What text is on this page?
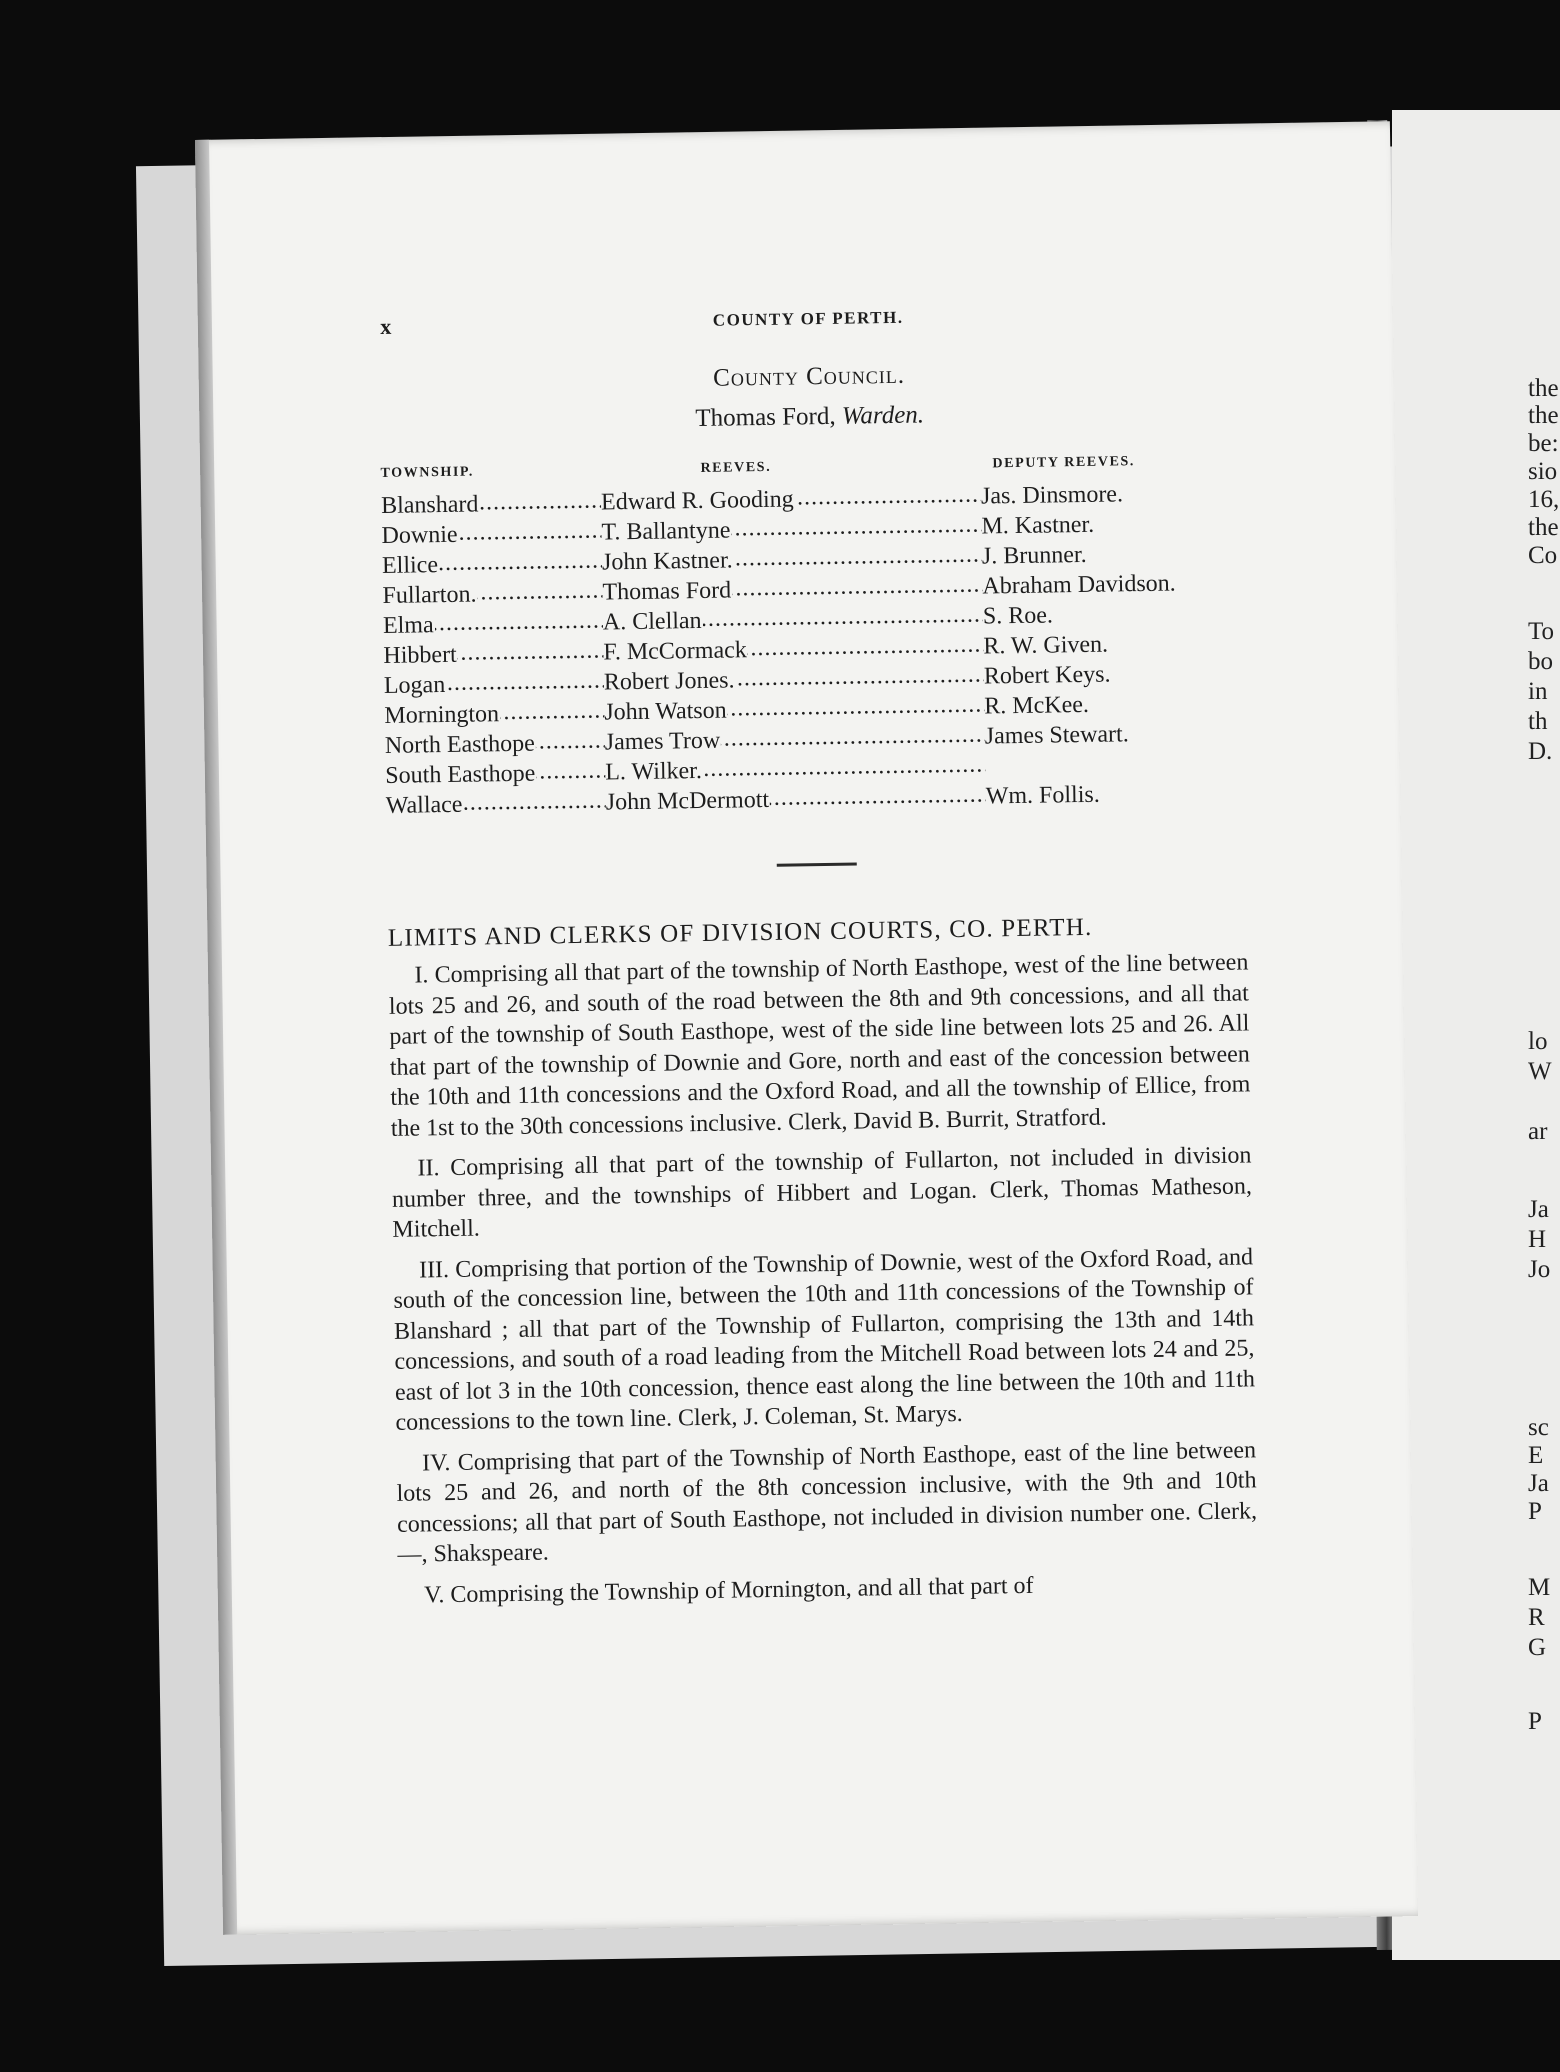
the
the
be:
sio
16,
the
Co
To
bo
in
th
D.
lo
W
ar
Ja
H
Jo
sc
E
Ja
P
M
R
G
P
x	COUNTY OF PERTH.
County Council.
Thomas Ford, Warden.
TOWNSHIP.	REEVES.	DEPUTY REEVES.
Blanshard .....	Edward R. Gooding .....	Jas. Dinsmore.
Downie .....	T. Ballantyne .....	M. Kastner.
Ellice .....	John Kastner. .....	J. Brunner.
Fullarton. .....	Thomas Ford .....	Abraham Davidson.
Elma .....	A. Clellan .....	S. Roe.
Hibbert .....	F. McCormack .....	R. W. Given.
Logan .....	Robert Jones. .....	Robert Keys.
Mornington .....	John Watson .....	R. McKee.
North Easthope .....	James Trow .....	James Stewart.
South Easthope .....	L. Wilker. .....	
Wallace .....	John McDermott .....	Wm. Follis.
LIMITS AND CLERKS OF DIVISION COURTS, CO. PERTH.

I. Comprising all that part of the township of North Easthope, west of the line between lots 25 and 26, and south of the road between the 8th and 9th concessions, and all that part of the township of South Easthope, west of the side line between lots 25 and 26. All that part of the township of Downie and Gore, north and east of the concession between the 10th and 11th concessions and the Oxford Road, and all the township of Ellice, from the 1st to the 30th concessions inclusive. Clerk, David B. Burrit, Stratford.

II. Comprising all that part of the township of Fullarton, not included in division number three, and the townships of Hibbert and Logan. Clerk, Thomas Matheson, Mitchell.

III. Comprising that portion of the Township of Downie, west of the Oxford Road, and south of the concession line, between the 10th and 11th concessions of the Township of Blanshard ; all that part of the Township of Fullarton, comprising the 13th and 14th concessions, and south of a road leading from the Mitchell Road between lots 24 and 25, east of lot 3 in the 10th concession, thence east along the line between the 10th and 11th concessions to the town line. Clerk, J. Coleman, St. Marys.

IV. Comprising that part of the Township of North Easthope, east of the line between lots 25 and 26, and north of the 8th concession inclusive, with the 9th and 10th concessions; all that part of South Easthope, not included in division number one. Clerk, —, Shakspeare.

V. Comprising the Township of Mornington, and all that part of
